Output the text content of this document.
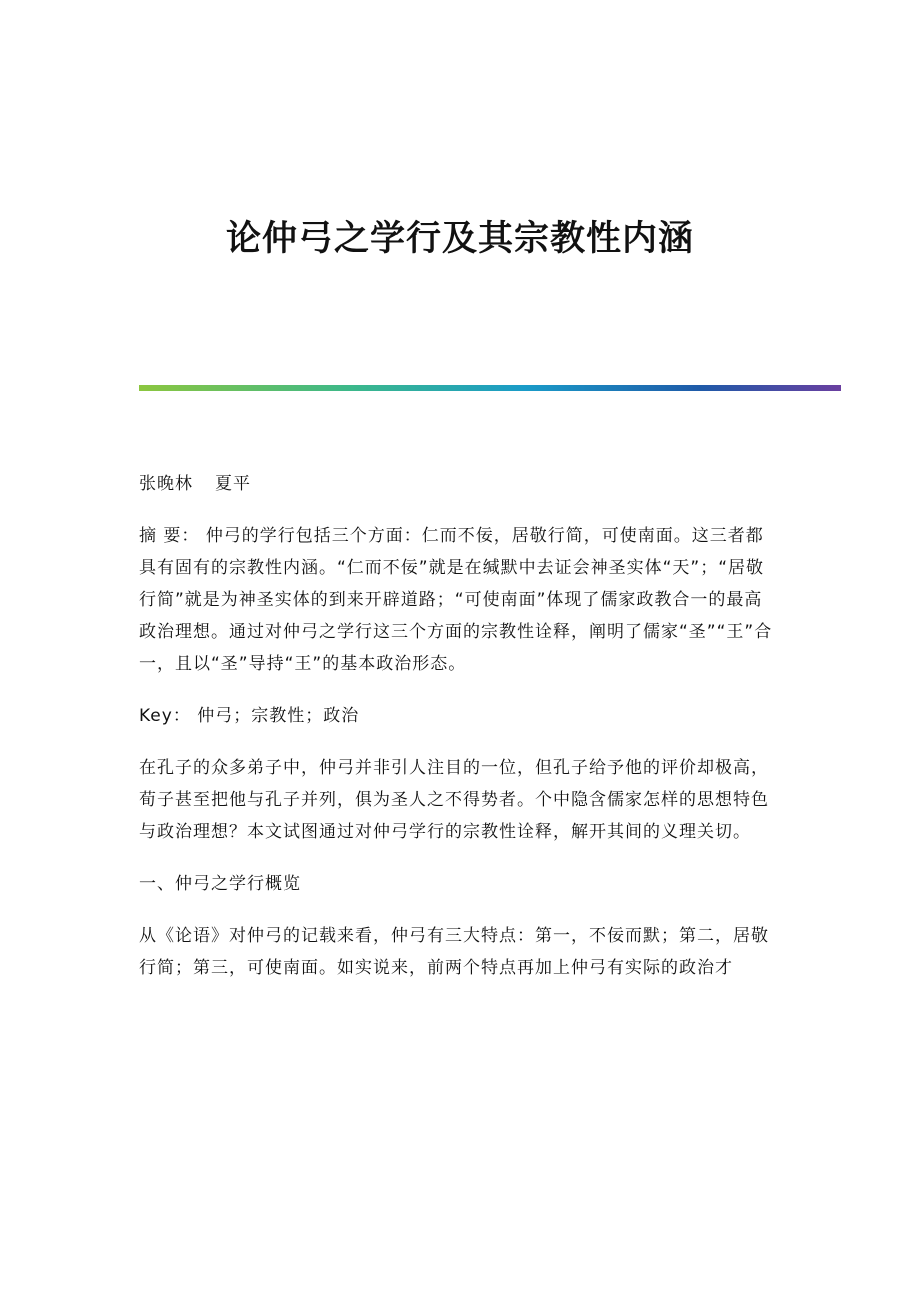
论仲弓之学行及其宗教性内涵

张晚林 夏平

摘 要： 仲弓的学行包括三个方面：仁而不佞，居敬行简，可使南面。这三者都具有固有的宗教性内涵。“仁而不佞”就是在缄默中去证会神圣实体“天”；“居敬行简”就是为神圣实体的到来开辟道路；“可使南面”体现了儒家政教合一的最高政治理想。通过对仲弓之学行这三个方面的宗教性诠释，阐明了儒家“圣”“王”合一，且以“圣”导持“王”的基本政治形态。

Key： 仲弓；宗教性；政治

在孔子的众多弟子中，仲弓并非引人注目的一位，但孔子给予他的评价却极高，荀子甚至把他与孔子并列，俱为圣人之不得势者。个中隐含儒家怎样的思想特色与政治理想？本文试图通过对仲弓学行的宗教性诠释，解开其间的义理关切。

一、仲弓之学行概览

从《论语》对仲弓的记载来看，仲弓有三大特点：第一，不佞而默；第二，居敬行简；第三，可使南面。如实说来，前两个特点再加上仲弓有实际的政治才
